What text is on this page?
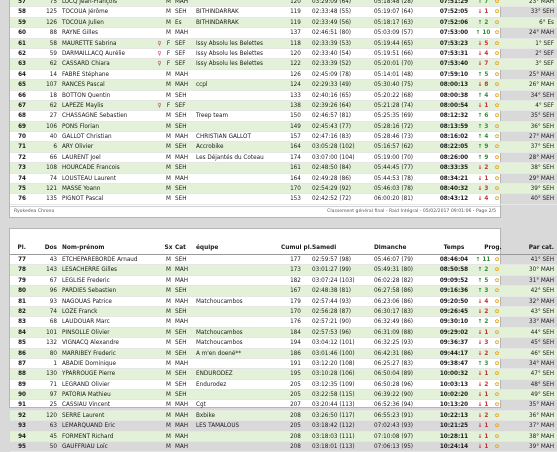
57	75 LUCQ Jean-François	M MAH	120	03:29:09 (64)	05:18:48 (28)	07:51:29	↑ 7	✿	23° MAH
58	125 TOCOUA Jérôme	M SEH	BITHINDARRAK	119	02:33:48 (55)	05:19:07 (64)	07:52:05	↓ 1	✿	33° SEH
59	126 TOCOUA Julien	M Es	BITHINDARRAK	119	02:33:49 (56)	05:18:17 (63)	07:52:06	↑ 2	✿	6° Es
60	88 RAYNE Gilles	M MAH	137	02:46:51 (80)	05:03:09 (57)	07:53:00	↑ 10 ✿	24° MAH
61	58 MAURETTE Sabrina	♀ F SEF	Issy Absolu les Belettes	118	02:33:39 (53)	05:19:44 (65)	07:53:23	↓ 5	✿	1° SEF
62	59 DARMAILLACQ Aurélie	♀ F SEF	Issy Absolu les Belettes	120	02:33:40 (54)	05:19:51 (66)	07:53:31	↓ 4	✿	2° SEF
63	62 CASSARD Chiara	♀ F SEF	Issy Absolu les Belettes	122	02:33:39 (52)	05:20:01 (70)	07:53:40	↓ 7	✿	3° SEF
64	14 FABRE Stéphane	M MAH	126	02:45:09 (78)	05:14:01 (48)	07:59:10	↑ 5	✿	25° MAH
65	107 RANCES Pascal	M MAH	ccpl	124	02:29:33 (49)	05:30:40 (75)	08:00:13	↓ 8	✿	26° MAH
66	18 BOTTON Quentin	M SEH	133	02:40:16 (65)	05:20:22 (68)	08:00:38	↑ 4	✿	34° SEH
67	62 LAPEZE Maylis	♀ F SEF	138	02:39:26 (64)	05:21:28 (74)	08:00:54	↓ 1	✿	4° SEF
68	27 CHASSAGNE Sebastien	M SEH	Treep team	150	02:46:57 (81)	05:25:35 (69)	08:12:32	↑ 6	✿	35° SEH
69	106 PONS Florian	M SEH	149	02:45:43 (77)	05:28:16 (72)	08:13:59	↑ 3	✿	36° SEH
70	40 GALLOT Christian	M MAH	CHRISTIAN GALLOT	157	02:47:16 (83)	05:28:46 (73)	08:16:02	↑ 4	✿	27° MAH
71	6 ARY Olivier	M SEH	Accrobike	164	03:05:28 (102)	05:16:57 (62)	08:22:05	↑ 9	✿	37° SEH
72	66 LAURENT Joel	M MAH	Les Déjantés du Coteau	174	03:07:00 (104)	05:19:00 (70)	08:26:00	↑ 9	✿	28° MAH
73	108 HOURCADE Francois	M SEH	161	02:48:50 (84)	05:44:45 (77)	08:33:35	↓ 2	✿	38° SEH
74	74 LOUSTEAU Laurent	M MAH	164	02:49:28 (86)	05:44:53 (78)	08:34:21	↓ 1	✿	29° MAH
75	121 MASSE Yoann	M SEH	170	02:54:29 (92)	05:46:03 (78)	08:40:32	↓ 3	✿	39° SEH
76	135 PIGNOT Pascal	M SEH	153	02:42:52 (72)	06:00:20 (81)	08:43:12	↓ 4	✿	40° SEH
Ryokedea Chrono	Classement général final - Raid Intégral - 05/02/2017 09:01:06 - Page 2/5
Pl.	Dos Nom-prénom	Sx Cat	équipe	Cumul pl. Samedi	Dimanche	Temps	Prog.	Par cat.
77	43 ETCHEPAREBORDE Arnaud	M SEH	177	02:59:57 (98)	05:46:07 (79)	08:46:04	↑ 11 ✿	41° SEH
78	143 LESACHERRE Gilles	M MAH	173	03:01:27 (99)	05:49:31 (80)	08:50:58	↑ 2	✿	30° MAH
79	67 LEGLISE Frederic	M MAH	182	03:07:24 (103)	06:02:28 (82)	09:09:52	↑ 5	✿	31° MAH
80	96 PARDIES Sebastien	M SEH	167	02:48:38 (81)	06:27:58 (86)	09:16:36	↑ 3	✿	42° SEH
81	93 NAGOUAS Patrice	M MAH	Matchoucambos	179	02:57:44 (93)	06:23:06 (86)	09:20:50	↓ 4	✿	32° MAH
82	74 LOZE Franck	M SEH	170	02:56:28 (87)	06:30:17 (83)	09:26:45	↓ 2	✿	43° SEH
83	68 LAUDOUAR Marc	M MAH	176	02:57:21 (90)	06:32:49 (86)	09:30:10	↑ 2	✿	33° MAH
84	101 PINSOLLE Olivier	M SEH	Matchoucambos	184	02:57:53 (96)	06:31:09 (88)	09:29:02	↓ 1	✿	44° SEH
85	132 VIGNACQ Alexandre	M SEH	Matchoucambos	194	03:04:12 (101)	06:32:25 (93)	09:36:37	↓ 3	✿	45° SEH
86	80 MARRIBEY Frederic	M SEH	A m'en doené**	186	03:01:46 (100)	06:42:31 (86)	09:44:17	↓ 2	✿	46° SEH
87	1 ABADIE Dominique	M MAH	191	03:12:20 (108)	06:25:27 (83)	09:38:47	↑ 3	✿	34° MAH
88	130 YPARROUGE Pierre	M SEH	ENDURODEZ	195	03:10:28 (106)	06:50:04 (89)	10:00:32	↓ 1	✿	47° SEH
89	71 LEGRAND Olivier	M SEH	Endurodez	205	03:12:35 (109)	06:50:28 (96)	10:03:13	↓ 2	✿	48° SEH
90	97 PATORIA Mathieu	M SEH	205	03:22:58 (115)	06:39:22 (90)	10:02:20	↓ 1	✿	49° SEH
91	25 CASSIAU Vincent	M MAH	Cgt	207	03:20:44 (113)	06:52:36 (94)	10:13:20	↓ 1	✿	35° MAH
92	120 SERRE Laurent	M MAH	Bxbike	208	03:26:50 (117)	06:55:23 (91)	10:22:13	↓ 2	✿	36° MAH
93	63 LEMARQUAND Eric	M MAH	LES TAMALOUS	205	03:18:42 (112)	07:02:43 (93)	10:21:25	↓ 1	✿	37° MAH
94	45 FORMENT Richard	M MAH	208	03:18:03 (111)	07:10:08 (97)	10:28:11	↓ 1	✿	38° MAH
95	50 GAUFFRIAU Loïc	M MAH	208	03:18:01 (113)	07:06:13 (95)	10:24:14	↓ 1	✿	39° MAH
